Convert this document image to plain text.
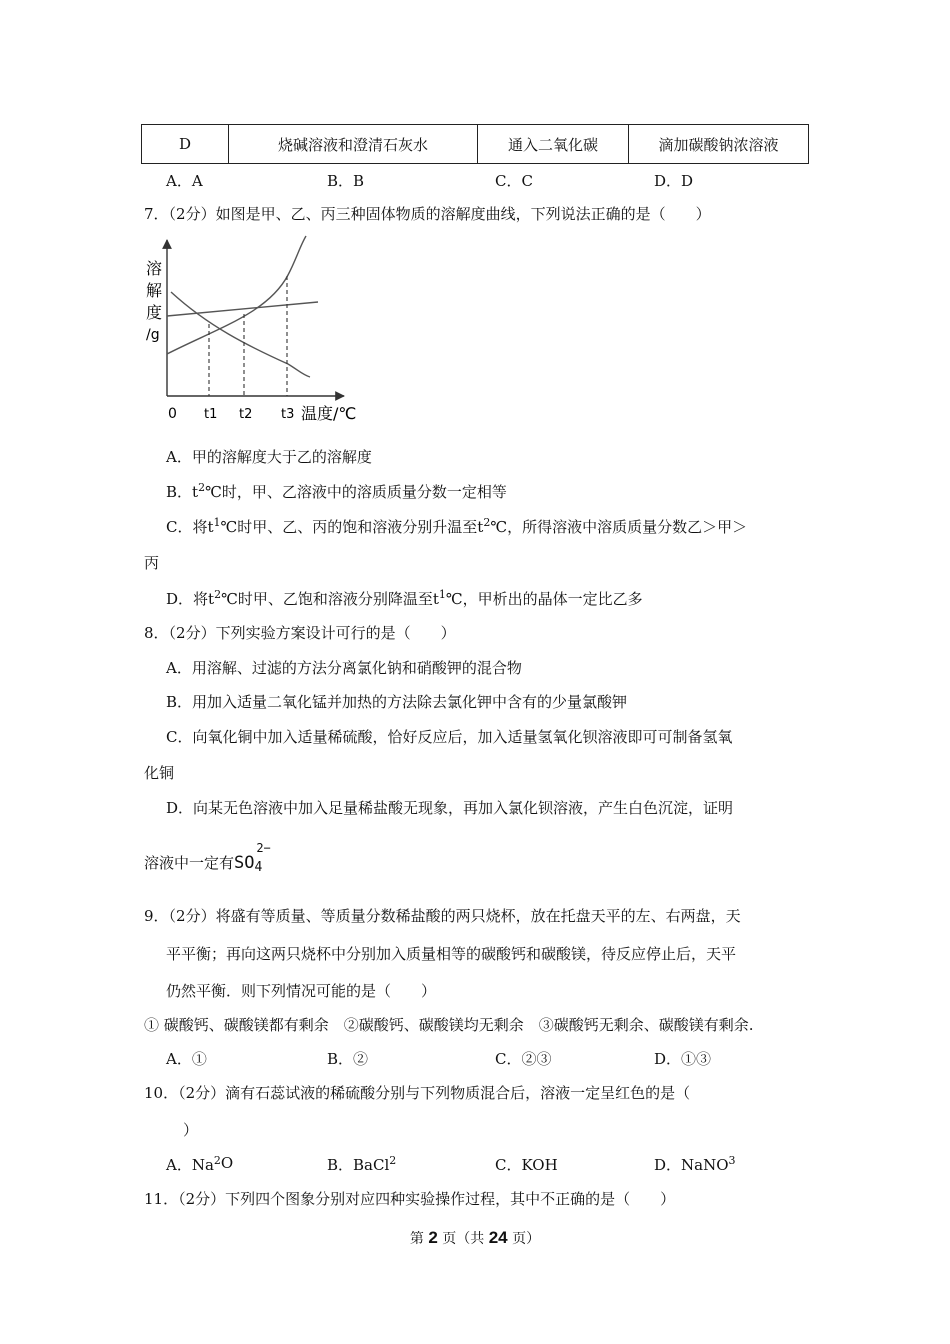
D	烧碱溶液和澄清石灰水	通入二氧化碳	滴加碳酸钠浓溶液
A．A	B．B	C．C	D．D
7．（2分）如图是甲、乙、丙三种固体物质的溶解度曲线，下列说法正确的是（　　）
溶
解
度
/g
0 t1 t2 t3 温度/℃
A．甲的溶解度大于乙的溶解度
B．t 2 ℃时，甲、乙溶液中的溶质质量分数一定相等
C．将t 1 ℃时甲、乙、丙的饱和溶液分别升温至t 2 ℃，所得溶液中溶质质量分数乙＞甲＞
丙
D．将t 2 ℃时甲、乙饱和溶液分别降温至t 1 ℃，甲析出的晶体一定比乙多
8．（2分）下列实验方案设计可行的是（　　）
A．用溶解、过滤的方法分离氯化钠和硝酸钾的混合物
B．用加入适量二氧化锰并加热的方法除去氯化钾中含有的少量氯酸钾
C．向氧化铜中加入适量稀硫酸，恰好反应后，加入适量氢氧化钡溶液即可可制备氢氧
化铜
D．向某无色溶液中加入足量稀盐酸无现象，再加入氯化钡溶液，产生白色沉淀，证明
溶液中一定有 SO 4
2−
9．（2分）将盛有等质量、等质量分数稀盐酸的两只烧杯，放在托盘天平的左、右两盘，天
平平衡；再向这两只烧杯中分别加入质量相等的碳酸钙和碳酸镁，待反应停止后，天平
仍然平衡．则下列情况可能的是（　　）
① 碳酸钙、碳酸镁都有剩余　②碳酸钙、碳酸镁均无剩余　③碳酸钙无剩余、碳酸镁有剩余.
A．①	B．②	C．②③	D．①③
10．（2分）滴有石蕊试液的稀硫酸分别与下列物质混合后，溶液一定呈红色的是（
）
A．Na 2 O	B．BaCl 2	C．KOH	D．NaNO 3
11．（2分）下列四个图象分别对应四种实验操作过程，其中不正确的是（　　）
第 2 页（共 24 页）
